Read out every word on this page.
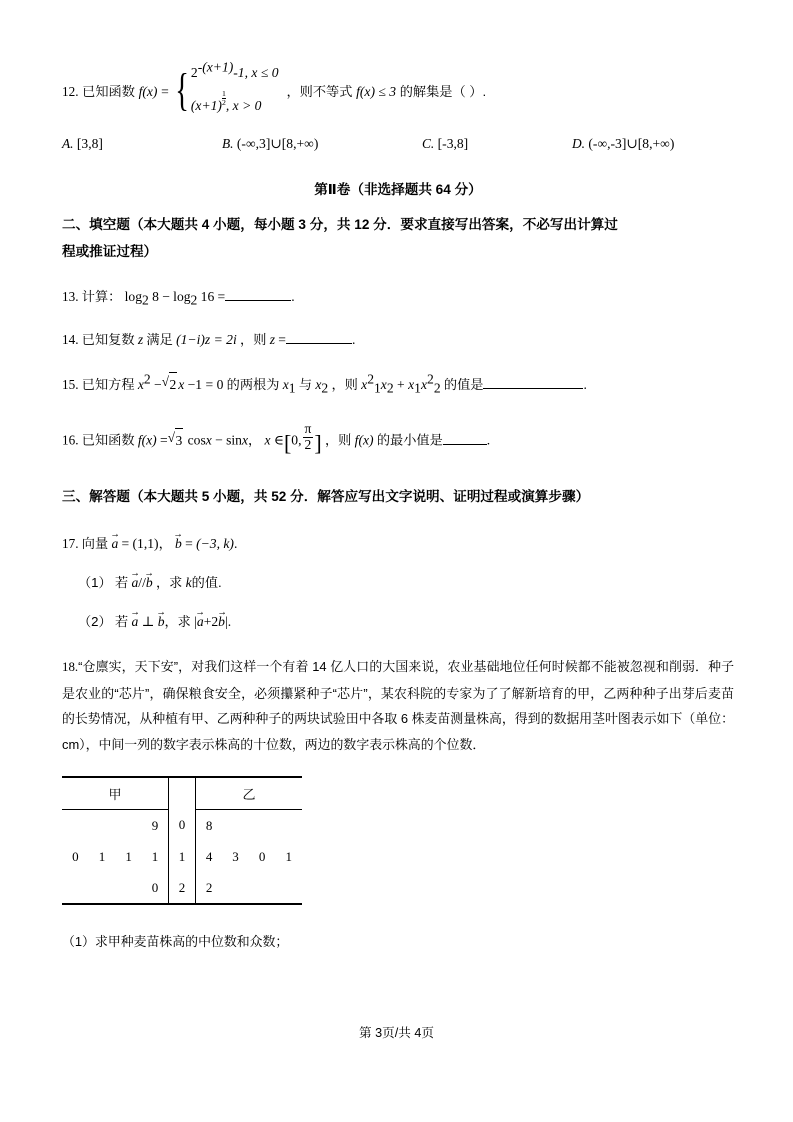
12. 已知函数 f(x) = { $2^{-(x+1)}-1$, x ≤ 0
$(x+1) \frac{1}{2}$ , x > 0
，则不等式 f(x) ≤ 3 的解集是（ ）.
A. [3,8]	B. (-∞,3]∪[8,+∞)	C. [-3,8]	D. (-∞,-3]∪[8,+∞)
第Ⅱ卷（非选择题共 64 分）
二、填空题（本大题共 4 小题，每小题 3 分，共 12 分．要求直接写出答案，不必写出计算过
程或推证过程）
13. 计算： $\log_2 8 - \log_2 16$ =	.
14. 已知复数 z 满足 (1−i)z = 2i ，则 z =	.
15. 已知方程 $x^2$ − √ 2 x −1 = 0 的两根为 $x_1$ 与 $x_2$ ，则 $x^2_1x_2 + x_1x^2_2$ 的值是	.
16. 已知函数 f(x) = √ 3 cosx − sinx， x ∈[0, $\frac{\pi}{2}$ ] ，则 f(x) 的最小值是	.
三、解答题（本大题共 5 小题，共 52 分．解答应写出文字说明、证明过程或演算步骤）
17. 向量 a → = (1,1)， b → = (−3, k).
（1） 若 a →//b → ，求 k的值.
（2） 若 a → ⊥ b →，求 | a →+2b → | .
18.“仓廪实，天下安”，对我们这样一个有着 14 亿人口的大国来说，农业基础地位任何时候都不能被忽视和削弱．种子是农业的“芯片”，确保粮食安全，必须攥紧种子“芯片”，某农科院的专家为了了解新培育的甲，乙两种种子出芽后麦苗的长势情况，从种植有甲、乙两种种子的两块试验田中各取 6 株麦苗测量株高，得到的数据用茎叶图表示如下（单位：cm），中间一列的数字表示株高的十位数，两边的数字表示株高的个位数．
甲					乙			

			9	0	8			
0	1	1	1	1	4	3	0	1
			0	2	2			
（1）求甲种麦苗株高的中位数和众数；
第 3页/共 4页
